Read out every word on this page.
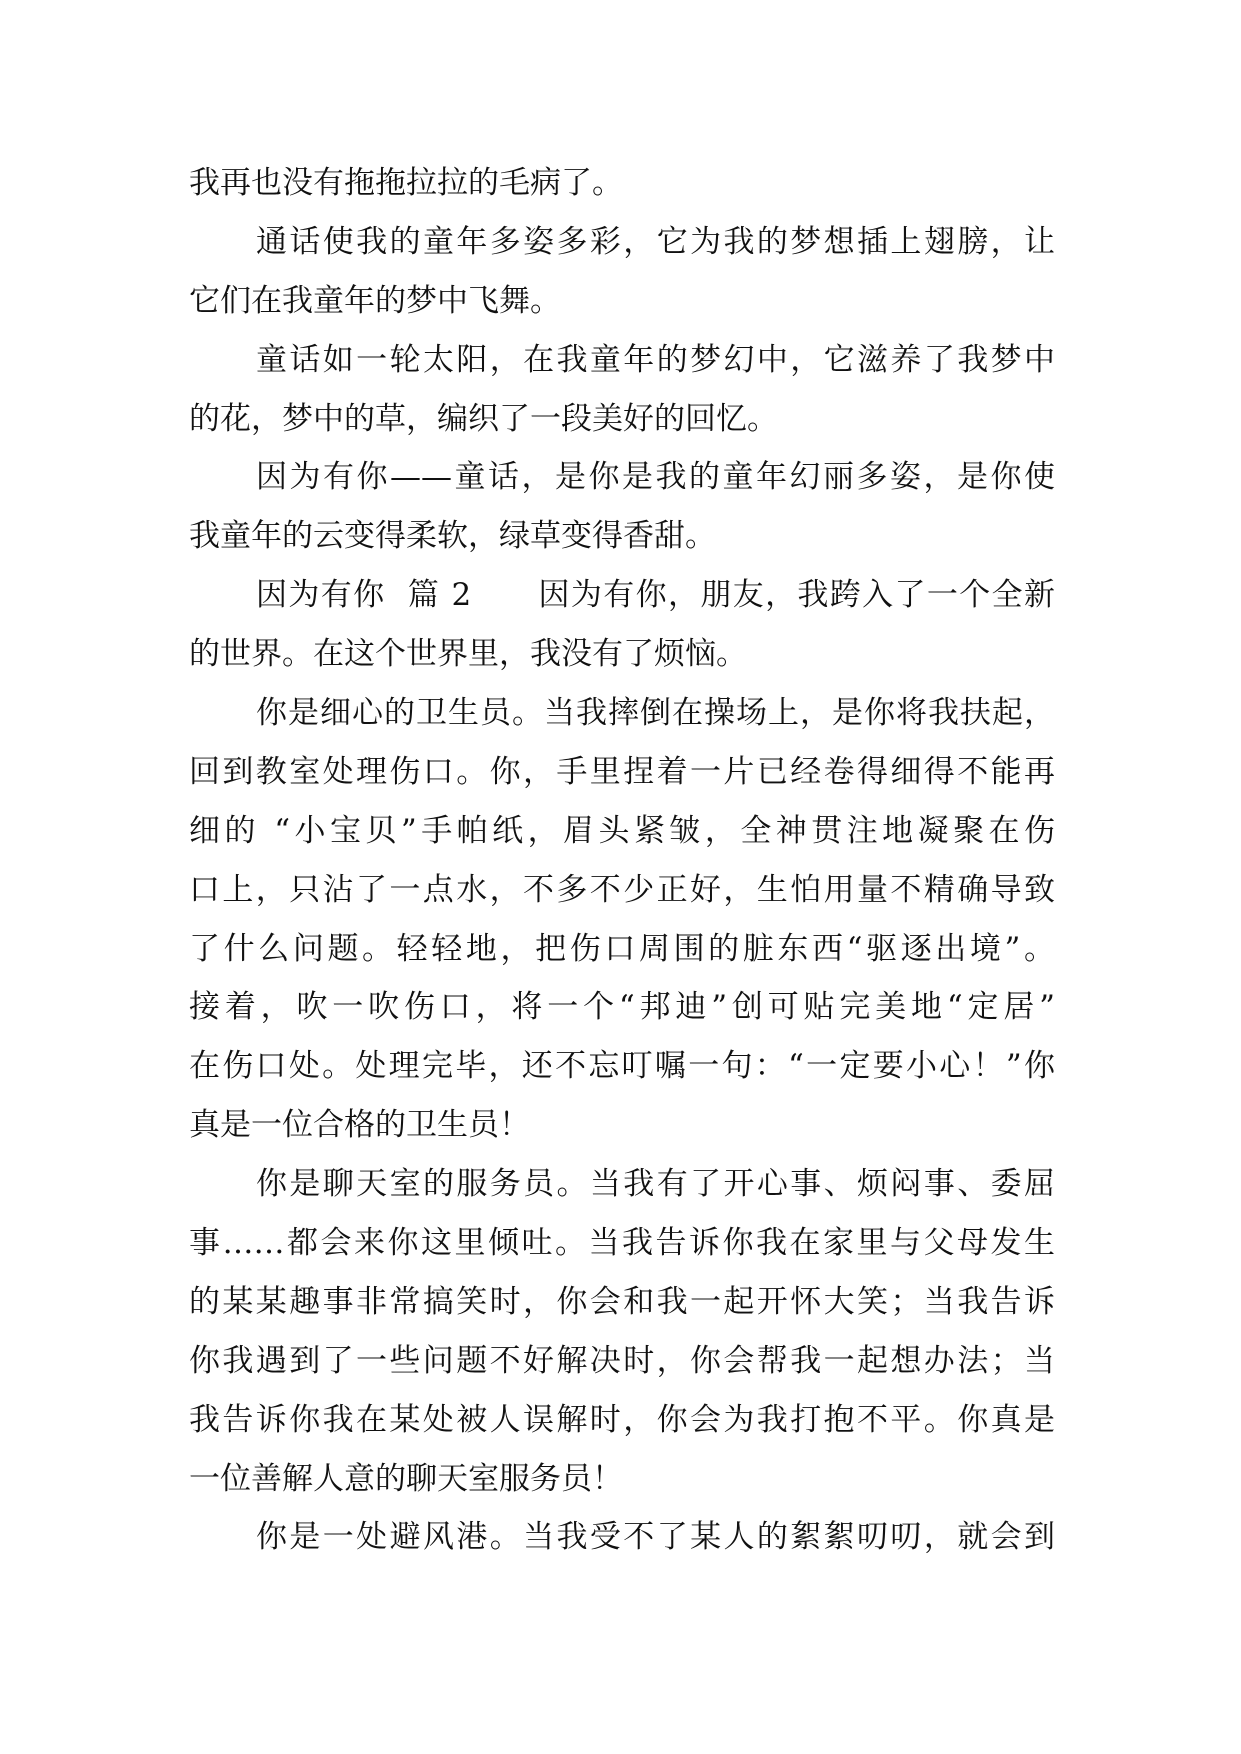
我再也没有拖拖拉拉的毛病了。
通话使我的童年多姿多彩，它为我的梦想插上翅膀，让
它们在我童年的梦中飞舞。
童话如一轮太阳，在我童年的梦幻中，它滋养了我梦中
的花，梦中的草，编织了一段美好的回忆。
因为有你——童话，是你是我的童年幻丽多姿，是你使
我童年的云变得柔软，绿草变得香甜。
因为有你  篇 2      因为有你，朋友，我跨入了一个全新
的世界。在这个世界里，我没有了烦恼。
你是细心的卫生员。当我摔倒在操场上，是你将我扶起，
回到教室处理伤口。你，手里捏着一片已经卷得细得不能再
细的 “小宝贝”手帕纸，眉头紧皱，全神贯注地凝聚在伤
口上，只沾了一点水，不多不少正好，生怕用量不精确导致
了什么问题。轻轻地，把伤口周围的脏东西“驱逐出境”。
接着，吹一吹伤口，将一个“邦迪”创可贴完美地“定居”
在伤口处。处理完毕，还不忘叮嘱一句：“一定要小心！”你
真是一位合格的卫生员！
你是聊天室的服务员。当我有了开心事、烦闷事、委屈
事……都会来你这里倾吐。当我告诉你我在家里与父母发生
的某某趣事非常搞笑时，你会和我一起开怀大笑；当我告诉
你我遇到了一些问题不好解决时，你会帮我一起想办法；当
我告诉你我在某处被人误解时，你会为我打抱不平。你真是
一位善解人意的聊天室服务员！
你是一处避风港。当我受不了某人的絮絮叨叨，就会到
